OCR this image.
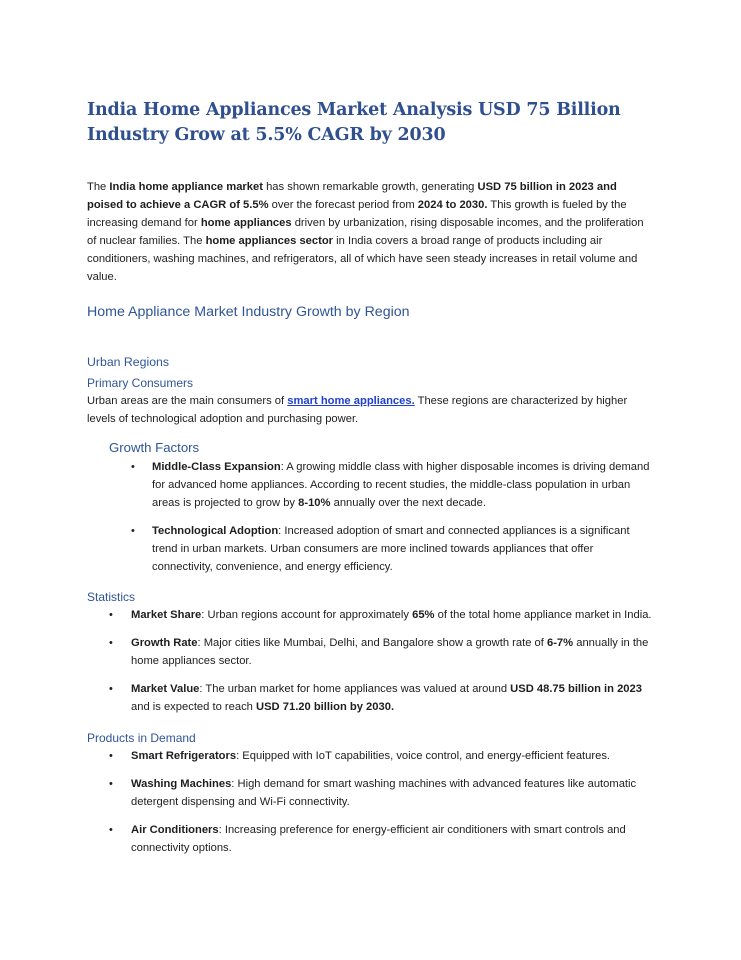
India Home Appliances Market Analysis USD 75 Billion Industry Grow at 5.5% CAGR by 2030

The India home appliance market has shown remarkable growth, generating USD 75 billion in 2023 and poised to achieve a CAGR of 5.5% over the forecast period from 2024 to 2030. This growth is fueled by the increasing demand for home appliances driven by urbanization, rising disposable incomes, and the proliferation of nuclear families. The home appliances sector in India covers a broad range of products including air conditioners, washing machines, and refrigerators, all of which have seen steady increases in retail volume and value.

Home Appliance Market Industry Growth by Region
Urban Regions
Primary Consumers

Urban areas are the main consumers of smart home appliances. These regions are characterized by higher levels of technological adoption and purchasing power.

Growth Factors
• Middle-Class Expansion: A growing middle class with higher disposable incomes is driving demand for advanced home appliances. According to recent studies, the middle-class population in urban areas is projected to grow by 8-10% annually over the next decade.
• Technological Adoption: Increased adoption of smart and connected appliances is a significant trend in urban markets. Urban consumers are more inclined towards appliances that offer connectivity, convenience, and energy efficiency.
Statistics
• Market Share: Urban regions account for approximately 65% of the total home appliance market in India.
• Growth Rate: Major cities like Mumbai, Delhi, and Bangalore show a growth rate of 6-7% annually in the home appliances sector.
• Market Value: The urban market for home appliances was valued at around USD 48.75 billion in 2023 and is expected to reach USD 71.20 billion by 2030.
Products in Demand
• Smart Refrigerators: Equipped with IoT capabilities, voice control, and energy-efficient features.
• Washing Machines: High demand for smart washing machines with advanced features like automatic detergent dispensing and Wi-Fi connectivity.
• Air Conditioners: Increasing preference for energy-efficient air conditioners with smart controls and connectivity options.
